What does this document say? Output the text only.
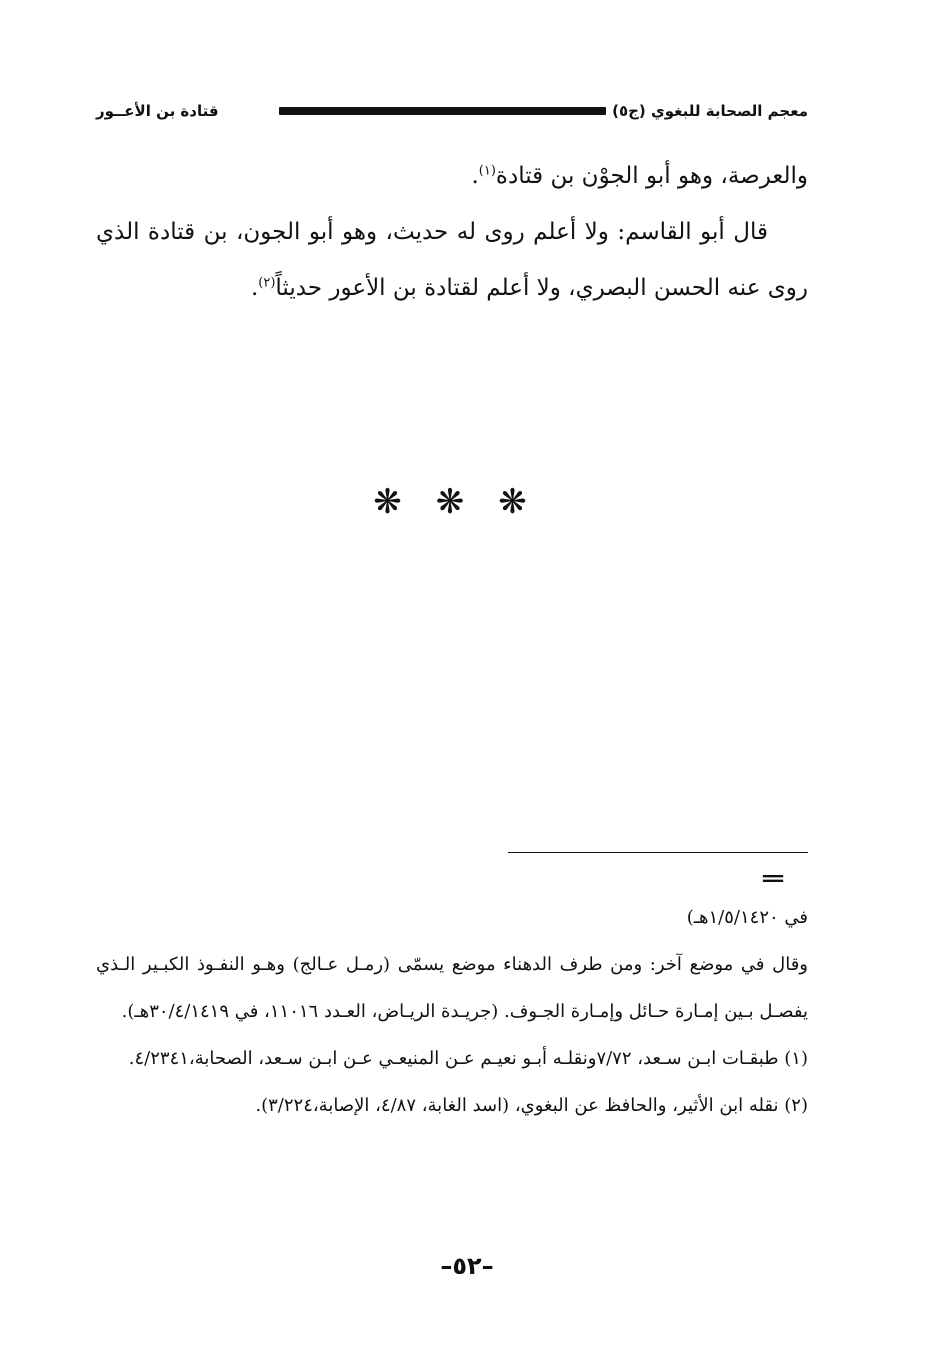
معجم الصحابة للبغوي (ج٥)
قتادة بن الأعــور

والعرصة، وهو أبو الجوْن بن قتادة$^{(١)}$.

قال أبو القاسم: ولا أعلم روى له حديث، وهو أبو الجون، بن قتادة الذي روى عنه الحسن البصري، ولا أعلم لقتادة بن الأعور حديثاً$^{(٢)}$.

❋❋❋
==

في ١/٥/١٤٢٠هـ)

وقال في موضع آخر: ومن طرف الدهناء موضع يسمّى (رمـل عـالج) وهـو النفـوذ الكبـير الـذي يفصـل بـين إمـارة حـائل وإمـارة الجـوف. (جريـدة الريـاض، العـدد ١١٠١٦، في ٣٠/٤/١٤١٩هـ).

(١) طبقـات ابـن سـعد، ٧/٧٢ونقلـه أبـو نعيـم عـن المنيعـي عـن ابـن سـعد، الصحابة،٤/٢٣٤١.

(٢) نقله ابن الأثير، والحافظ عن البغوي، (اسد الغابة، ٤/٨٧، الإصابة،٣/٢٢٤).

–٥٢–
